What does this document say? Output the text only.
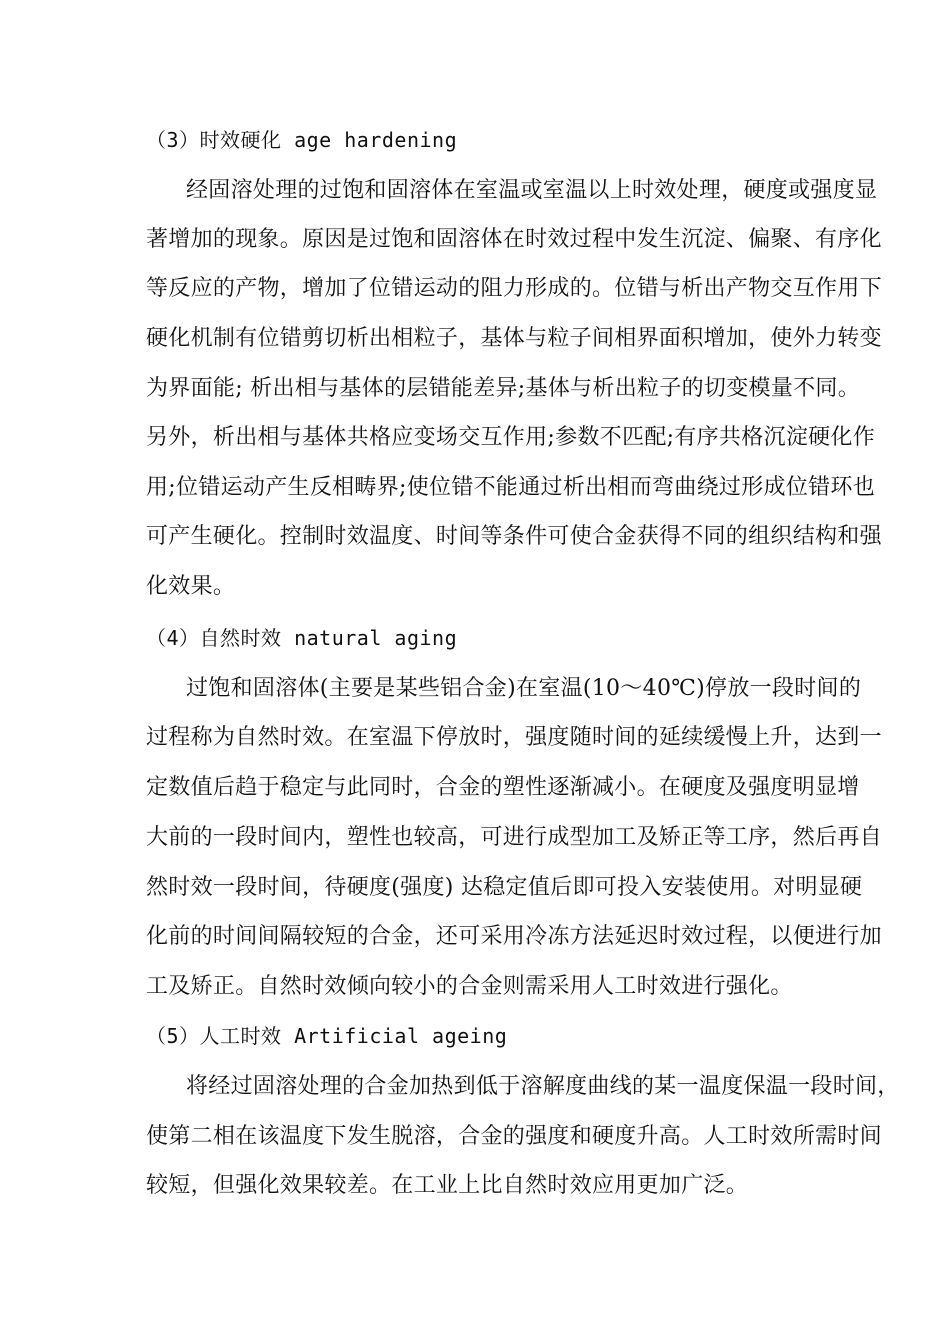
（3）时效硬化 age hardening
经固溶处理的过饱和固溶体在室温或室温以上时效处理，硬度或强度显
著增加的现象。原因是过饱和固溶体在时效过程中发生沉淀、偏聚、有序化
等反应的产物，增加了位错运动的阻力形成的。位错与析出产物交互作用下
硬化机制有位错剪切析出相粒子，基体与粒子间相界面积增加，使外力转变
为界面能; 析出相与基体的层错能差异;基体与析出粒子的切变模量不同。
另外，析出相与基体共格应变场交互作用;参数不匹配;有序共格沉淀硬化作
用;位错运动产生反相畴界;使位错不能通过析出相而弯曲绕过形成位错环也
可产生硬化。控制时效温度、时间等条件可使合金获得不同的组织结构和强
化效果。
（4）自然时效 natural aging
过饱和固溶体(主要是某些铝合金)在室温(10～40℃)停放一段时间的
过程称为自然时效。在室温下停放时，强度随时间的延续缓慢上升，达到一
定数值后趋于稳定与此同时，合金的塑性逐渐减小。在硬度及强度明显增
大前的一段时间内，塑性也较高，可进行成型加工及矫正等工序，然后再自
然时效一段时间，待硬度(强度) 达稳定值后即可投入安装使用。对明显硬
化前的时间间隔较短的合金，还可采用冷冻方法延迟时效过程，以便进行加
工及矫正。自然时效倾向较小的合金则需采用人工时效进行强化。
（5）人工时效 Artificial ageing
将经过固溶处理的合金加热到低于溶解度曲线的某一温度保温一段时间，
使第二相在该温度下发生脱溶，合金的强度和硬度升高。人工时效所需时间
较短，但强化效果较差。在工业上比自然时效应用更加广泛。
